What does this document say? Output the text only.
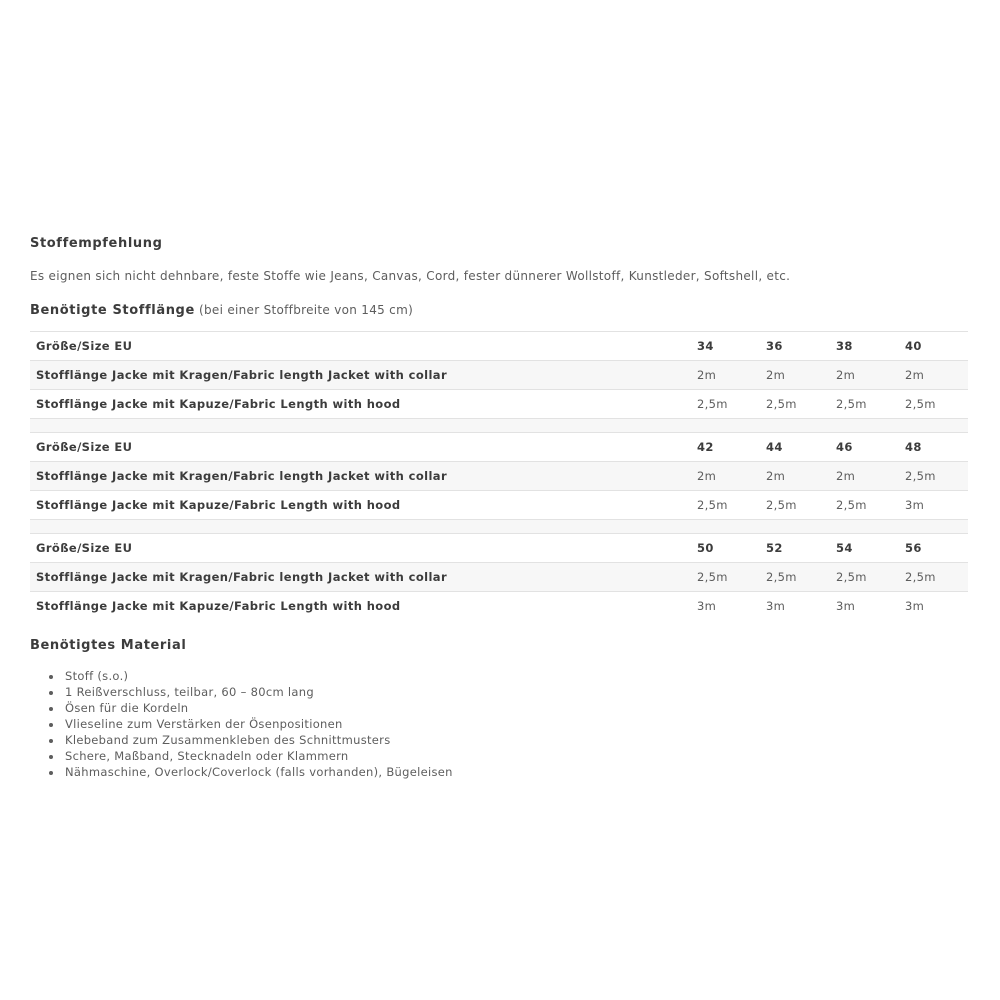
Stoffempfehlung

Es eignen sich nicht dehnbare, feste Stoffe wie Jeans, Canvas, Cord, fester dünnerer Wollstoff, Kunstleder, Softshell, etc.

Benötigte Stofflänge (bei einer Stoffbreite von 145 cm)

Größe/Size EU	34	36	38	40
Stofflänge Jacke mit Kragen/Fabric length Jacket with collar	2m	2m	2m	2m
Stofflänge Jacke mit Kapuze/Fabric Length with hood	2,5m	2,5m	2,5m	2,5m

Größe/Size EU	42	44	46	48
Stofflänge Jacke mit Kragen/Fabric length Jacket with collar	2m	2m	2m	2,5m
Stofflänge Jacke mit Kapuze/Fabric Length with hood	2,5m	2,5m	2,5m	3m

Größe/Size EU	50	52	54	56
Stofflänge Jacke mit Kragen/Fabric length Jacket with collar	2,5m	2,5m	2,5m	2,5m
Stofflänge Jacke mit Kapuze/Fabric Length with hood	3m	3m	3m	3m
Benötigtes Material
• Stoff (s.o.)
• 1 Reißverschluss, teilbar, 60 – 80cm lang
• Ösen für die Kordeln
• Vlieseline zum Verstärken der Ösenpositionen
• Klebeband zum Zusammenkleben des Schnittmusters
• Schere, Maßband, Stecknadeln oder Klammern
• Nähmaschine, Overlock/Coverlock (falls vorhanden), Bügeleisen
